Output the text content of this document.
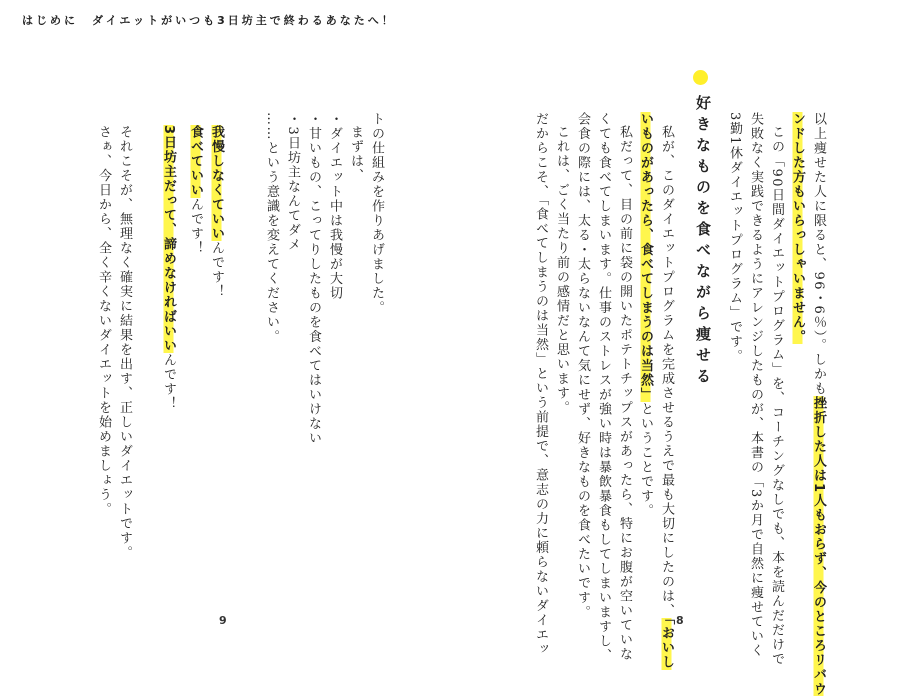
はじめに　ダイエットがいつも3日坊主で終わるあなたへ！
以上痩せた人に限ると、96・6％）。しかも挫折した人は1人もおらず、今のところリバウ
ンドした方もいらっしゃいません。
この「90日間ダイエットプログラム」を、コーチングなしでも、本を読んだだけで
失敗なく実践できるようにアレンジしたものが、本書の「3か月で自然に痩せていく
3勤1休ダイエットプログラム」です。
好きなものを食べながら痩せる
私が、このダイエットプログラムを完成させるうえで最も大切にしたのは、「おいし
いものがあったら、食べてしまうのは当然」ということです。
私だって、目の前に袋の開いたポテトチップスがあったら、特にお腹が空いていな
くても食べてしまいます。仕事のストレスが強い時は暴飲暴食もしてしまいますし、
会食の際には、太る・太らないなんて気にせず、好きなものを食べたいです。
これは、ごく当たり前の感情だと思います。
だからこそ、「食べてしまうのは当然」という前提で、意志の力に頼らないダイエッ
トの仕組みを作りあげました。
まずは、
・ダイエット中は我慢が大切
・甘いもの、こってりしたものを食べてはいけない
・3日坊主なんてダメ
……という意識を変えてください。
我慢しなくていいんです！
食べていいんです！
3日坊主だって、諦めなければいいんです！
それこそが、無理なく確実に結果を出す、正しいダイエットです。
さぁ、今日から、全く辛くないダイエットを始めましょう。
9	8
